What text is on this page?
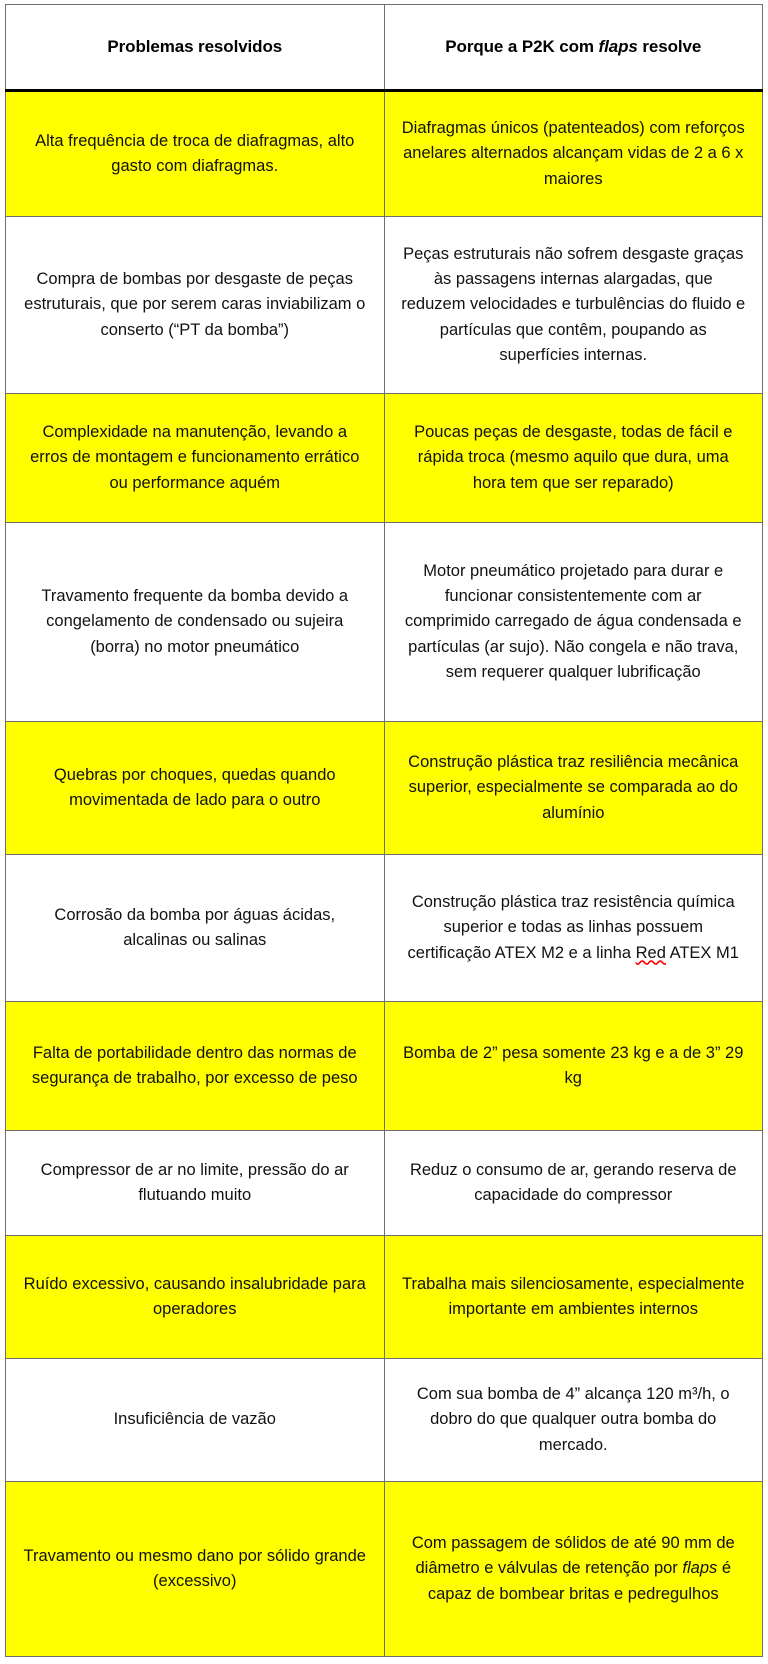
Problemas resolvidos	Porque a P2K com flaps resolve
Alta frequência de troca de diafragmas, alto gasto com diafragmas.	Diafragmas únicos (patenteados) com reforços anelares alternados alcançam vidas de 2 a 6 x maiores
Compra de bombas por desgaste de peças estruturais, que por serem caras inviabilizam o conserto (“PT da bomba”)	Peças estruturais não sofrem desgaste graças às passagens internas alargadas, que reduzem velocidades e turbulências do fluido e partículas que contêm, poupando as superfícies internas.
Complexidade na manutenção, levando a erros de montagem e funcionamento errático ou performance aquém	Poucas peças de desgaste, todas de fácil e rápida troca (mesmo aquilo que dura, uma hora tem que ser reparado)
Travamento frequente da bomba devido a congelamento de condensado ou sujeira (borra) no motor pneumático	Motor pneumático projetado para durar e funcionar consistentemente com ar comprimido carregado de água condensada e partículas (ar sujo). Não congela e não trava, sem requerer qualquer lubrificação
Quebras por choques, quedas quando movimentada de lado para o outro	Construção plástica traz resiliência mecânica superior, especialmente se comparada ao do alumínio
Corrosão da bomba por águas ácidas, alcalinas ou salinas	Construção plástica traz resistência química superior e todas as linhas possuem certificação ATEX M2 e a linha Red ATEX M1
Falta de portabilidade dentro das normas de segurança de trabalho, por excesso de peso	Bomba de 2” pesa somente 23 kg e a de 3” 29 kg
Compressor de ar no limite, pressão do ar flutuando muito	Reduz o consumo de ar, gerando reserva de capacidade do compressor
Ruído excessivo, causando insalubridade para operadores	Trabalha mais silenciosamente, especialmente importante em ambientes internos
Insuficiência de vazão	Com sua bomba de 4” alcança 120 m³/h, o dobro do que qualquer outra bomba do mercado.
Travamento ou mesmo dano por sólido grande (excessivo)	Com passagem de sólidos de até 90 mm de diâmetro e válvulas de retenção por flaps é capaz de bombear britas e pedregulhos
